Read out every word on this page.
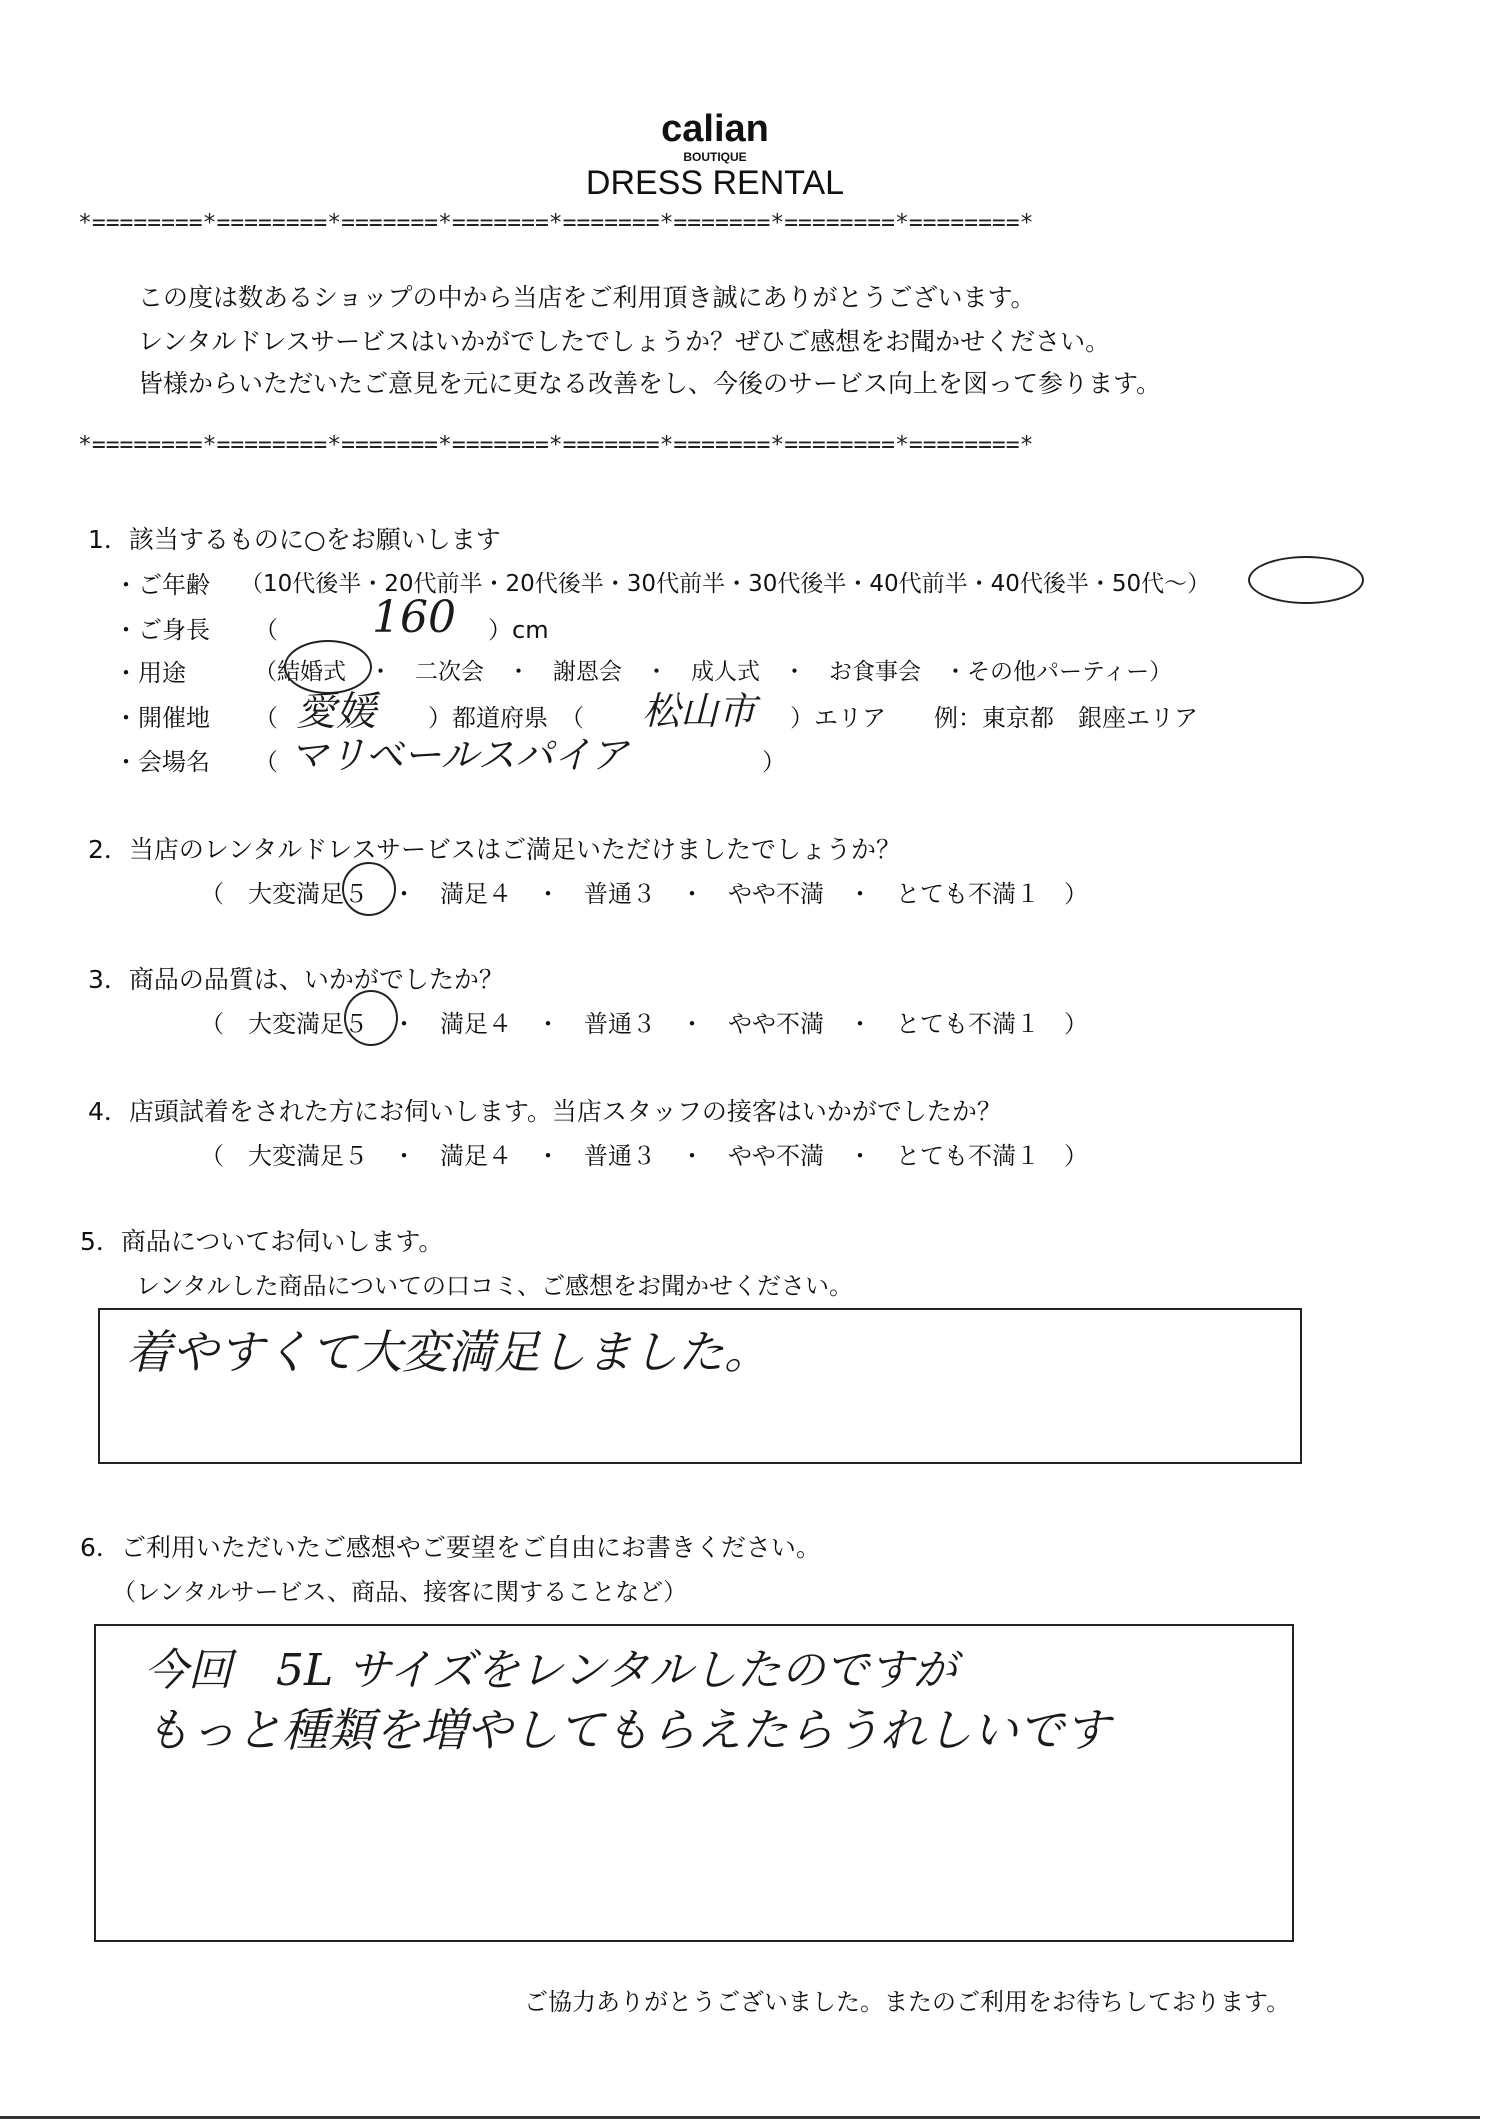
calian
BOUTIQUE
DRESS RENTAL
*========*========*=======*=======*=======*=======*========*========*
この度は数あるショップの中から当店をご利用頂き誠にありがとうございます。
レンタルドレスサービスはいかがでしたでしょうか？ぜひご感想をお聞かせください。
皆様からいただいたご意見を元に更なる改善をし、今後のサービス向上を図って参ります。
*========*========*=======*=======*=======*=======*========*========*
1．該当するものに○をお願いします
・ご年齢 （10代後半・20代前半・20代後半・30代前半・30代後半・40代前半・40代後半・50代〜）
・ご身長 （ 160 ）cm
・用途	（結婚式　・　二次会　・　謝恩会　・　成人式　・　お食事会　・その他パーティー）
・開催地 （ 愛媛 ）都道府県　（ 松山市 ）エリア　　例：東京都　銀座エリア
・会場名 （ マリベールスパイア	）
2．当店のレンタルドレスサービスはご満足いただけましたでしょうか？
（　大変満足５　・　満足４　・　普通３　・　やや不満　・　とても不満１　）
3．商品の品質は、いかがでしたか？
（　大変満足５　・　満足４　・　普通３　・　やや不満　・　とても不満１　）
4．店頭試着をされた方にお伺いします。当店スタッフの接客はいかがでしたか？
（　大変満足５　・　満足４　・　普通３　・　やや不満　・　とても不満１　）
5．商品についてお伺いします。
レンタルした商品についての口コミ、ご感想をお聞かせください。
着やすくて大変満足しました。
6．ご利用いただいたご感想やご要望をご自由にお書きください。
（レンタルサービス、商品、接客に関することなど）
今回　5L サイズをレンタルしたのですが
もっと種類を増やしてもらえたらうれしいです
ご協力ありがとうございました。またのご利用をお待ちしております。
